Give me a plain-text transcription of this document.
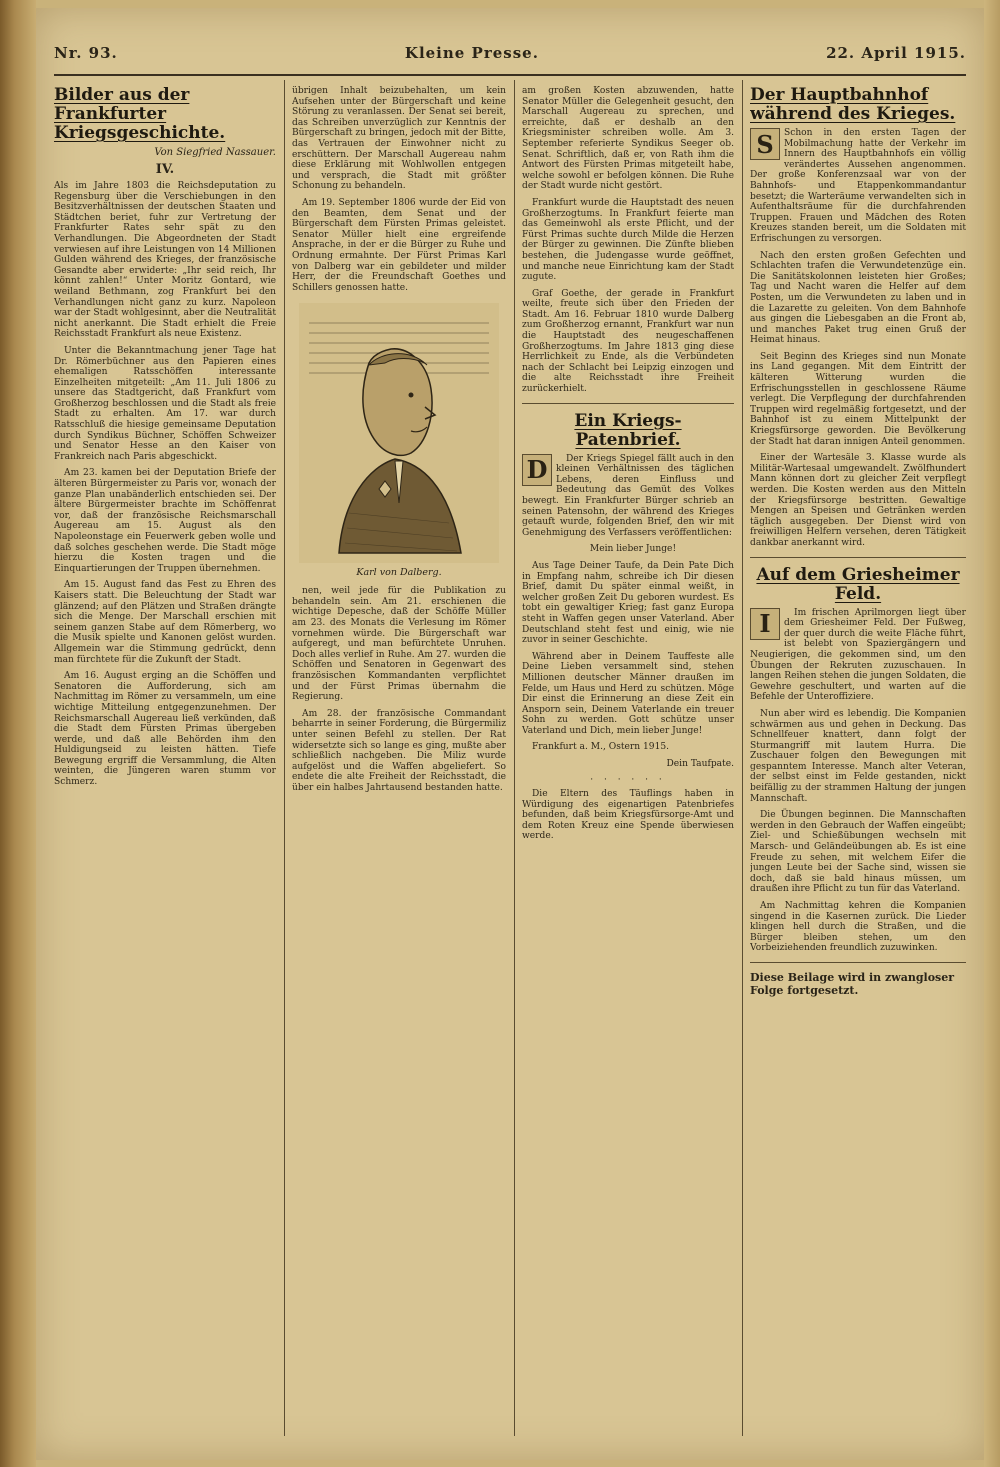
Nr. 93.	Kleine Presse.	22. April 1915.
Bilder aus der Frankfurter Kriegsgeschichte.
Von Siegfried Nassauer.
IV.

Als im Jahre 1803 die Reichsdeputation zu Regensburg über die Verschiebungen in den Besitzverhältnissen der deutschen Staaten und Städtchen beriet, fuhr zur Vertretung der Frankfurter Rates sehr spät zu den Verhandlungen. Die Abgeordneten der Stadt verwiesen auf ihre Leistungen von 14 Millionen Gulden während des Krieges, der französische Gesandte aber erwiderte: „Ihr seid reich, Ihr könnt zahlen!“ Unter Moritz Gontard, wie weiland Bethmann, zog Frankfurt bei den Verhandlungen nicht ganz zu kurz. Napoleon war der Stadt wohlgesinnt, aber die Neutralität nicht anerkannt. Die Stadt erhielt die Freie Reichsstadt Frankfurt als neue Existenz.

Unter die Bekanntmachung jener Tage hat Dr. Römerbüchner aus den Papieren eines ehemaligen Ratsschöffen interessante Einzelheiten mitgeteilt: „Am 11. Juli 1806 zu unsere das Stadtgericht, daß Frankfurt vom Großherzog beschlossen und die Stadt als freie Stadt zu erhalten. Am 17. war durch Ratsschluß die hiesige gemeinsame Deputation durch Syndikus Büchner, Schöffen Schweizer und Senator Hesse an den Kaiser von Frankreich nach Paris abgeschickt.

Am 23. kamen bei der Deputation Briefe der älteren Bürgermeister zu Paris vor, wonach der ganze Plan unabänderlich entschieden sei. Der ältere Bürgermeister brachte im Schöffenrat vor, daß der französische Reichsmarschall Augereau am 15. August als den Napoleonstage ein Feuerwerk geben wolle und daß solches geschehen werde. Die Stadt möge hierzu die Kosten tragen und die Einquartierungen der Truppen übernehmen.

Am 15. August fand das Fest zu Ehren des Kaisers statt. Die Beleuchtung der Stadt war glänzend; auf den Plätzen und Straßen drängte sich die Menge. Der Marschall erschien mit seinem ganzen Stabe auf dem Römerberg, wo die Musik spielte und Kanonen gelöst wurden. Allgemein war die Stimmung gedrückt, denn man fürchtete für die Zukunft der Stadt.

Am 16. August erging an die Schöffen und Senatoren die Aufforderung, sich am Nachmittag im Römer zu versammeln, um eine wichtige Mitteilung entgegenzunehmen. Der Reichsmarschall Augereau ließ verkünden, daß die Stadt dem Fürsten Primas übergeben werde, und daß alle Behörden ihm den Huldigungseid zu leisten hätten. Tiefe Bewegung ergriff die Versammlung, die Alten weinten, die Jüngeren waren stumm vor Schmerz.

übrigen Inhalt beizubehalten, um kein Aufsehen unter der Bürgerschaft und keine Störung zu veranlassen. Der Senat sei bereit, das Schreiben unverzüglich zur Kenntnis der Bürgerschaft zu bringen, jedoch mit der Bitte, das Vertrauen der Einwohner nicht zu erschüttern. Der Marschall Augereau nahm diese Erklärung mit Wohlwollen entgegen und versprach, die Stadt mit größter Schonung zu behandeln.

Am 19. September 1806 wurde der Eid von den Beamten, dem Senat und der Bürgerschaft dem Fürsten Primas geleistet. Senator Müller hielt eine ergreifende Ansprache, in der er die Bürger zu Ruhe und Ordnung ermahnte. Der Fürst Primas Karl von Dalberg war ein gebildeter und milder Herr, der die Freundschaft Goethes und Schillers genossen hatte.

Karl von Dalberg.

nen, weil jede für die Publikation zu behandeln sein. Am 21. erschienen die wichtige Depesche, daß der Schöffe Müller am 23. des Monats die Verlesung im Römer vornehmen würde. Die Bürgerschaft war aufgeregt, und man befürchtete Unruhen. Doch alles verlief in Ruhe. Am 27. wurden die Schöffen und Senatoren in Gegenwart des französischen Kommandanten verpflichtet und der Fürst Primas übernahm die Regierung.

Am 28. der französische Commandant beharrte in seiner Forderung, die Bürgermiliz unter seinen Befehl zu stellen. Der Rat widersetzte sich so lange es ging, mußte aber schließlich nachgeben. Die Miliz wurde aufgelöst und die Waffen abgeliefert. So endete die alte Freiheit der Reichsstadt, die über ein halbes Jahrtausend bestanden hatte.

am großen Kosten abzuwenden, hatte Senator Müller die Gelegenheit gesucht, den Marschall Augereau zu sprechen, und erreichte, daß er deshalb an den Kriegsminister schreiben wolle. Am 3. September referierte Syndikus Seeger ob. Senat. Schriftlich, daß er, von Rath ihm die Antwort des Fürsten Primas mitgeteilt habe, welche sowohl er befolgen können. Die Ruhe der Stadt wurde nicht gestört.

Frankfurt wurde die Hauptstadt des neuen Großherzogtums. In Frankfurt feierte man das Gemeinwohl als erste Pflicht, und der Fürst Primas suchte durch Milde die Herzen der Bürger zu gewinnen. Die Zünfte blieben bestehen, die Judengasse wurde geöffnet, und manche neue Einrichtung kam der Stadt zugute.

Graf Goethe, der gerade in Frankfurt weilte, freute sich über den Frieden der Stadt. Am 16. Februar 1810 wurde Dalberg zum Großherzog ernannt, Frankfurt war nun die Hauptstadt des neugeschaffenen Großherzogtums. Im Jahre 1813 ging diese Herrlichkeit zu Ende, als die Verbündeten nach der Schlacht bei Leipzig einzogen und die alte Reichsstadt ihre Freiheit zurückerhielt.

Ein Kriegs-Patenbrief.
D	Der Kriegs Spiegel fällt auch in den kleinen Verhältnissen des täglichen Lebens, deren Einfluss und Bedeutung das Gemüt des Volkes bewegt. Ein Frankfurter Bürger schrieb an seinen Patensohn, der während des Krieges getauft wurde, folgenden Brief, den wir mit Genehmigung des Verfassers veröffentlichen:

Mein lieber Junge!

Aus Tage Deiner Taufe, da Dein Pate Dich in Empfang nahm, schreibe ich Dir diesen Brief, damit Du später einmal weißt, in welcher großen Zeit Du geboren wurdest. Es tobt ein gewaltiger Krieg; fast ganz Europa steht in Waffen gegen unser Vaterland. Aber Deutschland steht fest und einig, wie nie zuvor in seiner Geschichte.

Während aber in Deinem Tauffeste alle Deine Lieben versammelt sind, stehen Millionen deutscher Männer draußen im Felde, um Haus und Herd zu schützen. Möge Dir einst die Erinnerung an diese Zeit ein Ansporn sein, Deinem Vaterlande ein treuer Sohn zu werden. Gott schütze unser Vaterland und Dich, mein lieber Junge!

Frankfurt a. M., Ostern 1915.

Dein Taufpate.
· · · · · ·

Die Eltern des Täuflings haben in Würdigung des eigenartigen Patenbriefes befunden, daß beim Kriegsfürsorge-Amt und dem Roten Kreuz eine Spende überwiesen werde.

Der Hauptbahnhof während des Krieges.
S	Schon in den ersten Tagen der Mobilmachung hatte der Verkehr im Innern des Hauptbahnhofs ein völlig verändertes Aussehen angenommen. Der große Konferenzsaal war von der Bahnhofs- und Etappenkommandantur besetzt; die Warteräume verwandelten sich in Aufenthaltsräume für die durchfahrenden Truppen. Frauen und Mädchen des Roten Kreuzes standen bereit, um die Soldaten mit Erfrischungen zu versorgen.

Nach den ersten großen Gefechten und Schlachten trafen die Verwundetenzüge ein. Die Sanitätskolonnen leisteten hier Großes; Tag und Nacht waren die Helfer auf dem Posten, um die Verwundeten zu laben und in die Lazarette zu geleiten. Von dem Bahnhofe aus gingen die Liebesgaben an die Front ab, und manches Paket trug einen Gruß der Heimat hinaus.

Seit Beginn des Krieges sind nun Monate ins Land gegangen. Mit dem Eintritt der kälteren Witterung wurden die Erfrischungsstellen in geschlossene Räume verlegt. Die Verpflegung der durchfahrenden Truppen wird regelmäßig fortgesetzt, und der Bahnhof ist zu einem Mittelpunkt der Kriegsfürsorge geworden. Die Bevölkerung der Stadt hat daran innigen Anteil genommen.

Einer der Wartesäle 3. Klasse wurde als Militär-Wartesaal umgewandelt. Zwölfhundert Mann können dort zu gleicher Zeit verpflegt werden. Die Kosten werden aus den Mitteln der Kriegsfürsorge bestritten. Gewaltige Mengen an Speisen und Getränken werden täglich ausgegeben. Der Dienst wird von freiwilligen Helfern versehen, deren Tätigkeit dankbar anerkannt wird.

Auf dem Griesheimer Feld.
I	Im frischen Aprilmorgen liegt über dem Griesheimer Feld. Der Fußweg, der quer durch die weite Fläche führt, ist belebt von Spaziergängern und Neugierigen, die gekommen sind, um den Übungen der Rekruten zuzuschauen. In langen Reihen stehen die jungen Soldaten, die Gewehre geschultert, und warten auf die Befehle der Unteroffiziere.

Nun aber wird es lebendig. Die Kompanien schwärmen aus und gehen in Deckung. Das Schnellfeuer knattert, dann folgt der Sturmangriff mit lautem Hurra. Die Zuschauer folgen den Bewegungen mit gespanntem Interesse. Manch alter Veteran, der selbst einst im Felde gestanden, nickt beifällig zu der strammen Haltung der jungen Mannschaft.

Die Übungen beginnen. Die Mannschaften werden in den Gebrauch der Waffen eingeübt; Ziel- und Schießübungen wechseln mit Marsch- und Geländeübungen ab. Es ist eine Freude zu sehen, mit welchem Eifer die jungen Leute bei der Sache sind, wissen sie doch, daß sie bald hinaus müssen, um draußen ihre Pflicht zu tun für das Vaterland.

Am Nachmittag kehren die Kompanien singend in die Kasernen zurück. Die Lieder klingen hell durch die Straßen, und die Bürger bleiben stehen, um den Vorbeiziehenden freundlich zuzuwinken.

Diese Beilage wird in zwangloser Folge fortgesetzt.
